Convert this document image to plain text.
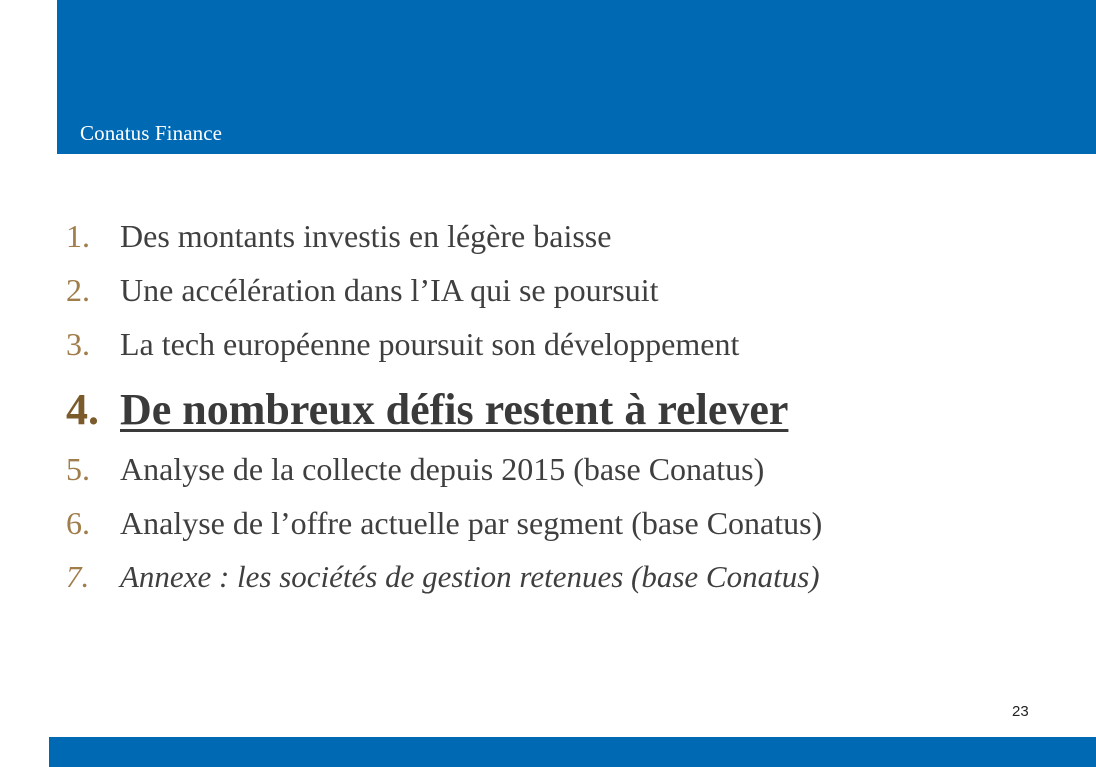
Conatus Finance
1. Des montants investis en légère baisse
2. Une accélération dans l’IA qui se poursuit
3. La tech européenne poursuit son développement
4. De nombreux défis restent à relever
5. Analyse de la collecte depuis 2015 (base Conatus)
6. Analyse de l’offre actuelle par segment (base Conatus)
7. Annexe : les sociétés de gestion retenues (base Conatus)
23
